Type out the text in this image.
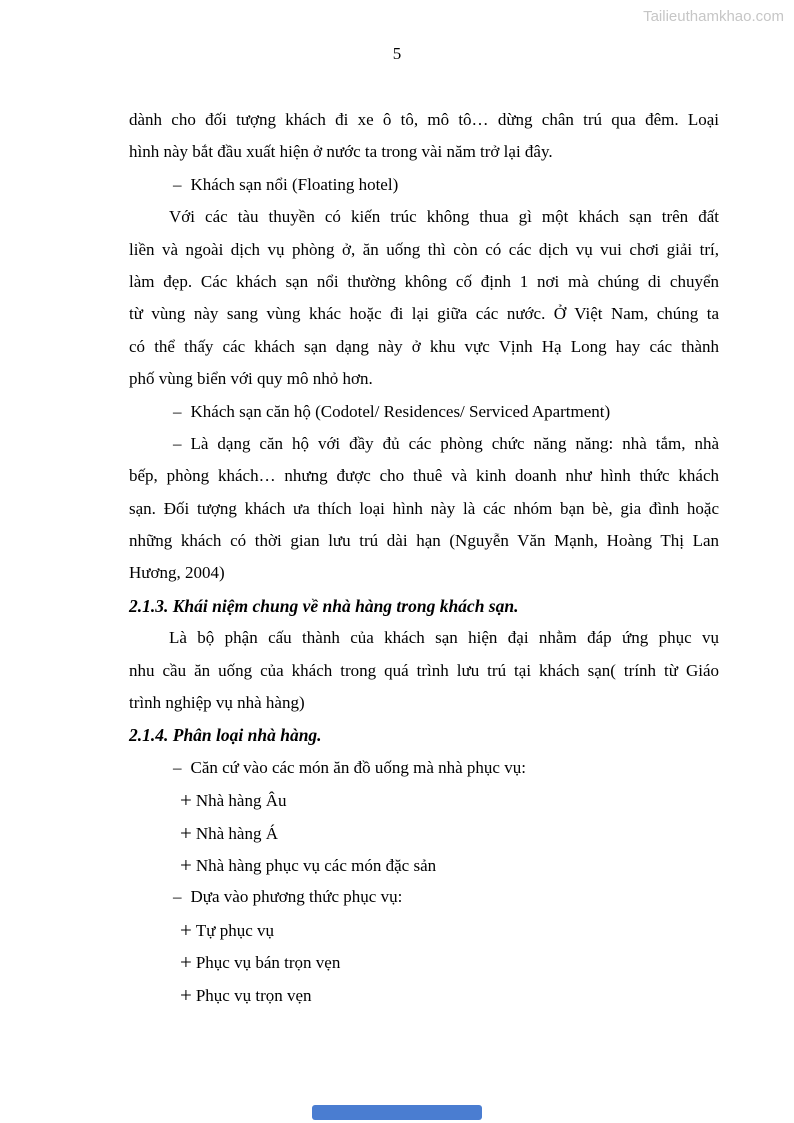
Tailieuthamkhao.com
5
dành cho đối tượng khách đi xe ô tô, mô tô… dừng chân trú qua đêm. Loại
hình này bắt đầu xuất hiện ở nước ta trong vài năm trở lại đây.
– Khách sạn nổi (Floating hotel)
Với các tàu thuyền có kiến trúc không thua gì một khách sạn trên đất
liền và ngoài dịch vụ phòng ở, ăn uống thì còn có các dịch vụ vui chơi giải trí,
làm đẹp. Các khách sạn nổi thường không cố định 1 nơi mà chúng di chuyển
từ vùng này sang vùng khác hoặc đi lại giữa các nước. Ở Việt Nam, chúng ta
có thể thấy các khách sạn dạng này ở khu vực Vịnh Hạ Long hay các thành
phố vùng biển với quy mô nhỏ hơn.
– Khách sạn căn hộ (Codotel/ Residences/ Serviced Apartment)
– Là dạng căn hộ với đầy đủ các phòng chức năng năng: nhà tắm, nhà
bếp, phòng khách… nhưng được cho thuê và kinh doanh như hình thức khách
sạn. Đối tượng khách ưa thích loại hình này là các nhóm bạn bè, gia đình hoặc
những khách có thời gian lưu trú dài hạn (Nguyễn Văn Mạnh, Hoàng Thị Lan
Hương, 2004)
2.1.3. Khái niệm chung về nhà hàng trong khách sạn.
Là bộ phận cấu thành của khách sạn hiện đại nhằm đáp ứng phục vụ
nhu cầu ăn uống của khách trong quá trình lưu trú tại khách sạn( trính từ Giáo
trình nghiệp vụ nhà hàng)
2.1.4. Phân loại nhà hàng.
– Căn cứ vào các món ăn đồ uống mà nhà phục vụ:
+ Nhà hàng Âu
+ Nhà hàng Á
+ Nhà hàng phục vụ các món đặc sản
– Dựa vào phương thức phục vụ:
+ Tự phục vụ
+ Phục vụ bán trọn vẹn
+ Phục vụ trọn vẹn
